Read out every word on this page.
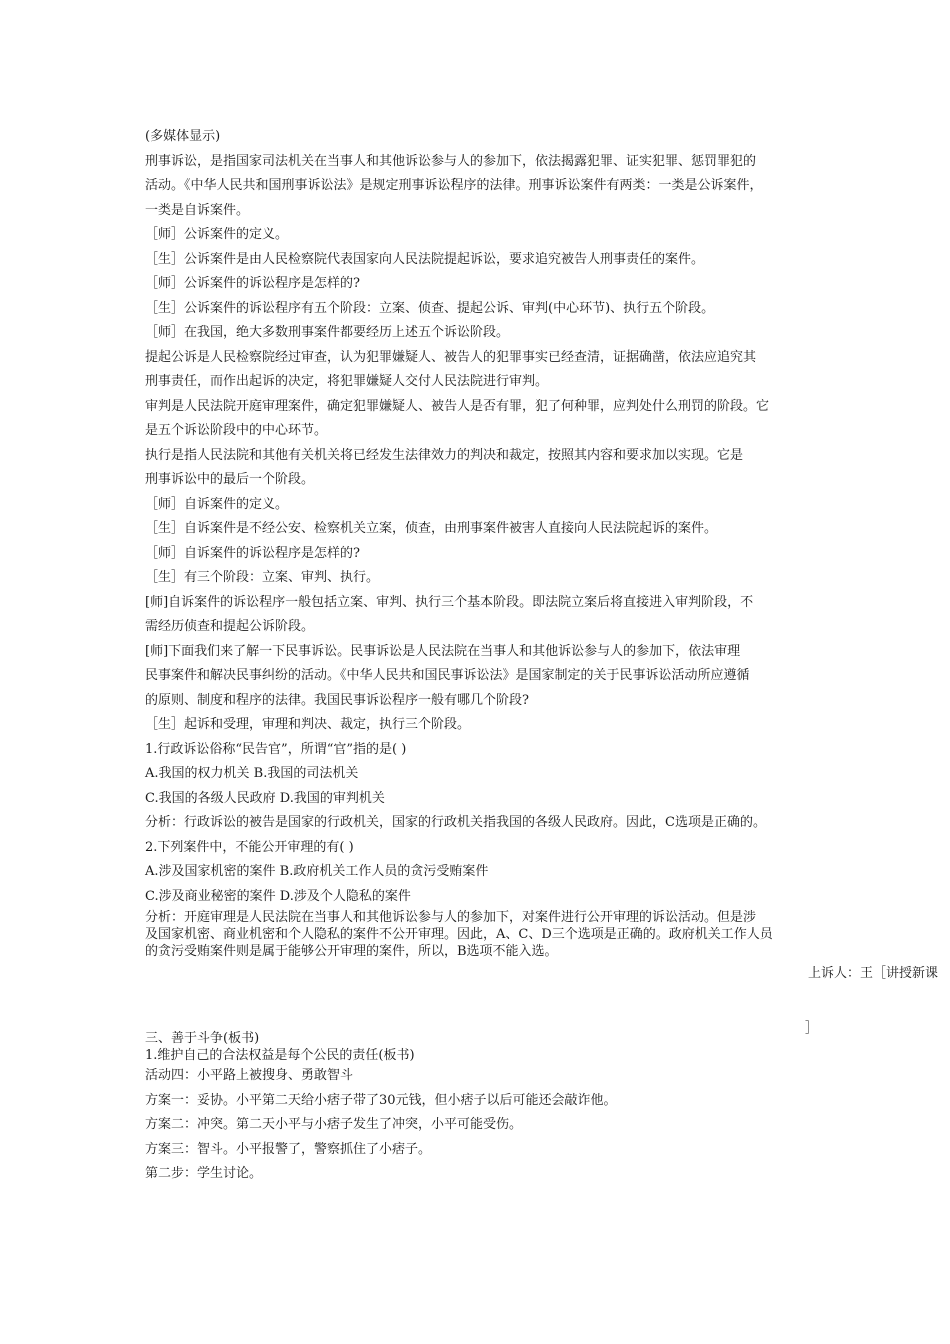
(多媒体显示)
刑事诉讼，是指国家司法机关在当事人和其他诉讼参与人的参加下，依法揭露犯罪、证实犯罪、惩罚罪犯的
活动。《中华人民共和国刑事诉讼法》是规定刑事诉讼程序的法律。刑事诉讼案件有两类：一类是公诉案件，
一类是自诉案件。
［师］公诉案件的定义。
［生］公诉案件是由人民检察院代表国家向人民法院提起诉讼，要求追究被告人刑事责任的案件。
［师］公诉案件的诉讼程序是怎样的?
［生］公诉案件的诉讼程序有五个阶段：立案、侦查、提起公诉、审判(中心环节)、执行五个阶段。
［师］在我国，绝大多数刑事案件都要经历上述五个诉讼阶段。
提起公诉是人民检察院经过审查，认为犯罪嫌疑人、被告人的犯罪事实已经查清，证据确凿，依法应追究其
刑事责任，而作出起诉的决定，将犯罪嫌疑人交付人民法院进行审判。
审判是人民法院开庭审理案件，确定犯罪嫌疑人、被告人是否有罪，犯了何种罪，应判处什么刑罚的阶段。它
是五个诉讼阶段中的中心环节。
执行是指人民法院和其他有关机关将已经发生法律效力的判决和裁定，按照其内容和要求加以实现。它是
刑事诉讼中的最后一个阶段。
［师］自诉案件的定义。
［生］自诉案件是不经公安、检察机关立案，侦查，由刑事案件被害人直接向人民法院起诉的案件。
［师］自诉案件的诉讼程序是怎样的?
［生］有三个阶段：立案、审判、执行。
[师]自诉案件的诉讼程序一般包括立案、审判、执行三个基本阶段。即法院立案后将直接进入审判阶段，不
需经历侦查和提起公诉阶段。
[师]下面我们来了解一下民事诉讼。民事诉讼是人民法院在当事人和其他诉讼参与人的参加下，依法审理
民事案件和解决民事纠纷的活动。《中华人民共和国民事诉讼法》是国家制定的关于民事诉讼活动所应遵循
的原则、制度和程序的法律。我国民事诉讼程序一般有哪几个阶段?
［生］起诉和受理，审理和判决、裁定，执行三个阶段。
1.行政诉讼俗称“民告官”，所谓“官”指的是( )
A.我国的权力机关 B.我国的司法机关
C.我国的各级人民政府 D.我国的审判机关
分析：行政诉讼的被告是国家的行政机关，国家的行政机关指我国的各级人民政府。因此，C选项是正确的。
2.下列案件中，不能公开审理的有( )
A.涉及国家机密的案件 B.政府机关工作人员的贪污受贿案件
C.涉及商业秘密的案件 D.涉及个人隐私的案件
分析：开庭审理是人民法院在当事人和其他诉讼参与人的参加下，对案件进行公开审理的诉讼活动。但是涉
及国家机密、商业机密和个人隐私的案件不公开审理。因此，A、C、D三个选项是正确的。政府机关工作人员
的贪污受贿案件则是属于能够公开审理的案件，所以，B选项不能入选。
上诉人：王［讲授新课
］
三、善于斗争(板书)
1.维护自己的合法权益是每个公民的责任(板书)
活动四：小平路上被搜身、勇敢智斗
方案一：妥协。小平第二天给小痞子带了30元钱，但小痞子以后可能还会敲诈他。
方案二：冲突。第二天小平与小痞子发生了冲突，小平可能受伤。
方案三：智斗。小平报警了，警察抓住了小痞子。
第二步：学生讨论。
